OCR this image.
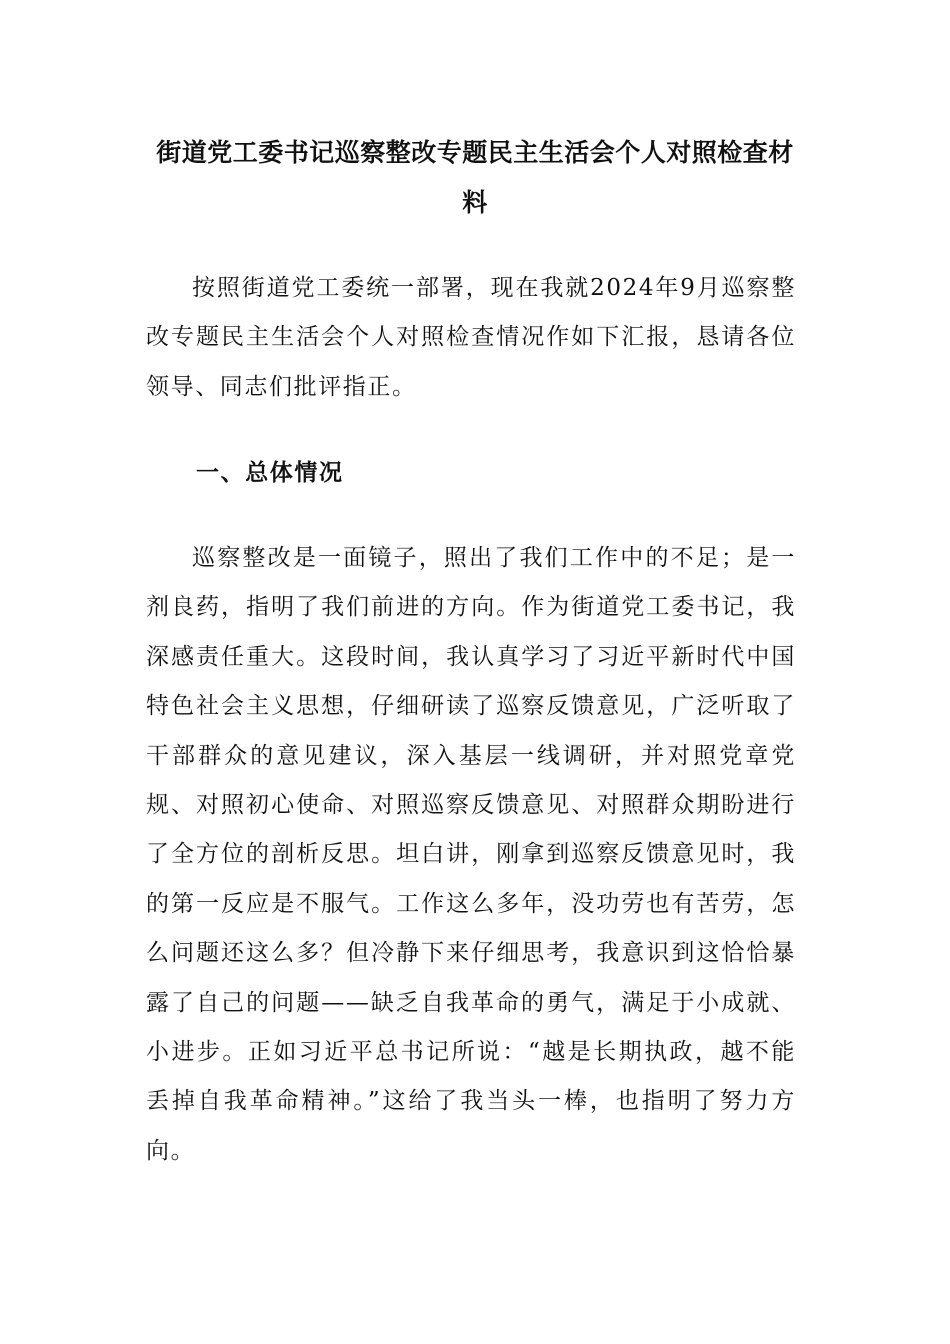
街道党工委书记巡察整改专题民主生活会个人对照检查材料

按照街道党工委统一部署，现在我就2024年9月巡察整改专题民主生活会个人对照检查情况作如下汇报，恳请各位领导、同志们批评指正。

一、总体情况

巡察整改是一面镜子，照出了我们工作中的不足；是一剂良药，指明了我们前进的方向。作为街道党工委书记，我深感责任重大。这段时间，我认真学习了习近平新时代中国特色社会主义思想，仔细研读了巡察反馈意见，广泛听取了干部群众的意见建议，深入基层一线调研，并对照党章党规、对照初心使命、对照巡察反馈意见、对照群众期盼进行了全方位的剖析反思。坦白讲，刚拿到巡察反馈意见时，我的第一反应是不服气。工作这么多年，没功劳也有苦劳，怎么问题还这么多？但冷静下来仔细思考，我意识到这恰恰暴露了自己的问题——缺乏自我革命的勇气，满足于小成就、小进步。正如习近平总书记所说：“越是长期执政，越不能丢掉自我革命精神。”这给了我当头一棒，也指明了努力方向。
